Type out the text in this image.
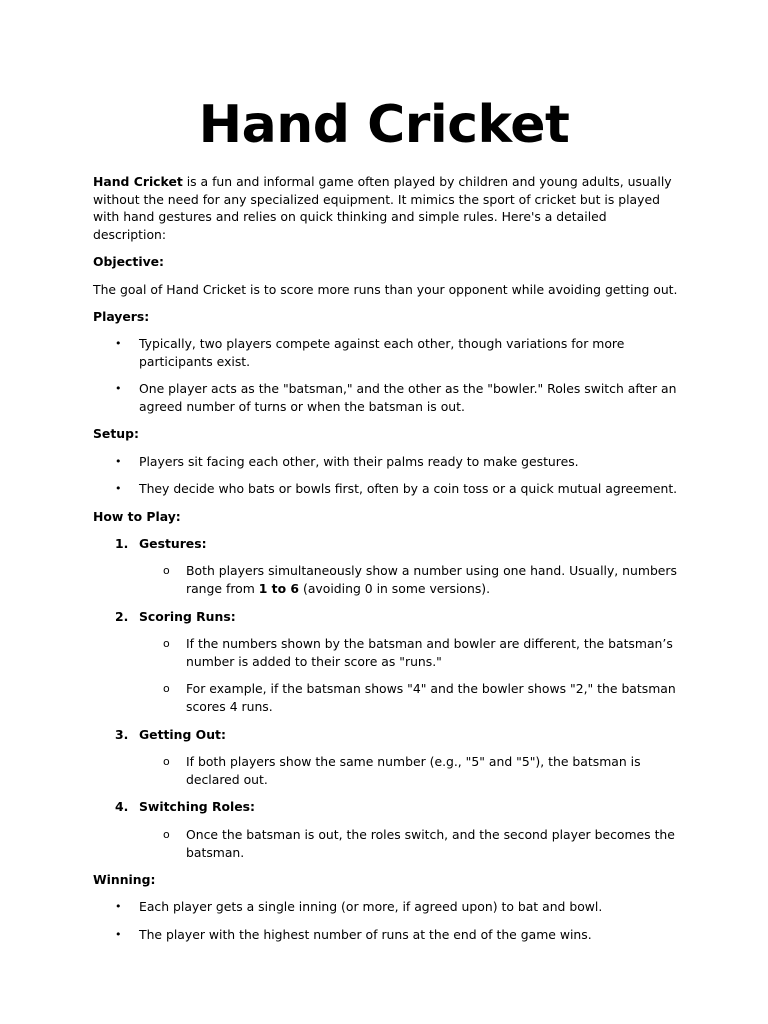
Hand Cricket

Hand Cricket is a fun and informal game often played by children and young adults, usually without the need for any specialized equipment. It mimics the sport of cricket but is played with hand gestures and relies on quick thinking and simple rules. Here's a detailed description:

Objective:

The goal of Hand Cricket is to score more runs than your opponent while avoiding getting out.

Players:

• Typically, two players compete against each other, though variations for more participants exist.
• One player acts as the "batsman," and the other as the "bowler." Roles switch after an agreed number of turns or when the batsman is out.

Setup:

• Players sit facing each other, with their palms ready to make gestures.
• They decide who bats or bowls first, often by a coin toss or a quick mutual agreement.

How to Play:

1. Gestures:
o Both players simultaneously show a number using one hand. Usually, numbers range from 1 to 6 (avoiding 0 in some versions).
2. Scoring Runs:
o If the numbers shown by the batsman and bowler are different, the batsman’s number is added to their score as "runs."
o For example, if the batsman shows "4" and the bowler shows "2," the batsman scores 4 runs.
3. Getting Out:
o If both players show the same number (e.g., "5" and "5"), the batsman is declared out.
4. Switching Roles:
o Once the batsman is out, the roles switch, and the second player becomes the batsman.

Winning:

• Each player gets a single inning (or more, if agreed upon) to bat and bowl.
• The player with the highest number of runs at the end of the game wins.
